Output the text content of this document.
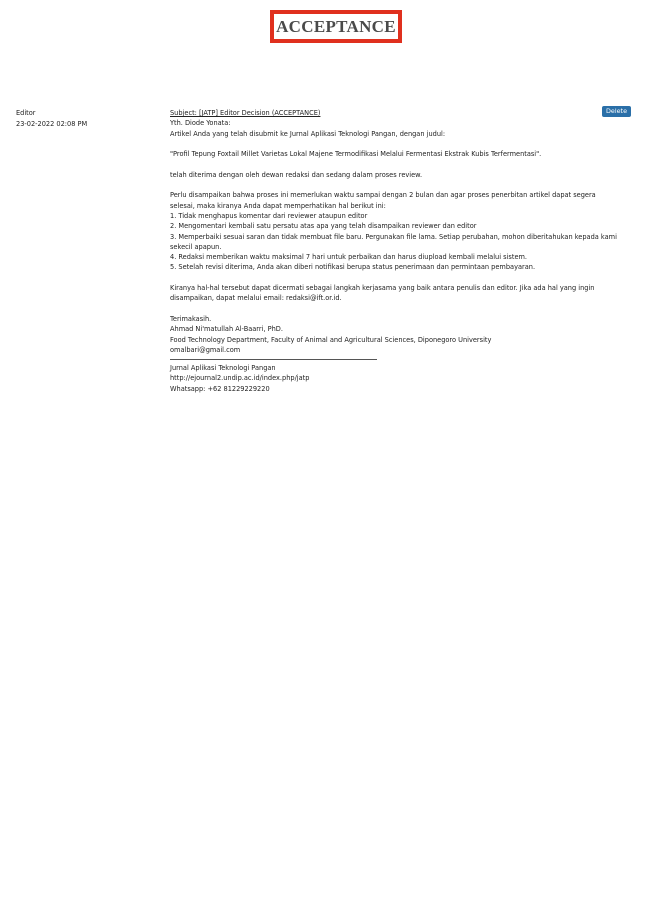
ACCEPTANCE
Editor
23-02-2022 02:08 PM
Delete

Subject: [JATP] Editor Decision (ACCEPTANCE)

Yth. Diode Yonata:

Artikel Anda yang telah disubmit ke Jurnal Aplikasi Teknologi Pangan, dengan judul:

"Profil Tepung Foxtail Millet Varietas Lokal Majene Termodifikasi Melalui Fermentasi Ekstrak Kubis Terfermentasi".

telah diterima dengan oleh dewan redaksi dan sedang dalam proses review.

Perlu disampaikan bahwa proses ini memerlukan waktu sampai dengan 2 bulan dan agar proses penerbitan artikel dapat segera selesai, maka kiranya Anda dapat memperhatikan hal berikut ini:

1. Tidak menghapus komentar dari reviewer ataupun editor

2. Mengomentari kembali satu persatu atas apa yang telah disampaikan reviewer dan editor

3. Memperbaiki sesuai saran dan tidak membuat file baru. Pergunakan file lama. Setiap perubahan, mohon diberitahukan kepada kami sekecil apapun.

4. Redaksi memberikan waktu maksimal 7 hari untuk perbaikan dan harus diupload kembali melalui sistem.

5. Setelah revisi diterima, Anda akan diberi notifikasi berupa status penerimaan dan permintaan pembayaran.

Kiranya hal-hal tersebut dapat dicermati sebagai langkah kerjasama yang baik antara penulis dan editor. Jika ada hal yang ingin disampaikan, dapat melalui email: redaksi@ift.or.id.

Terimakasih.

Ahmad Ni'matullah Al-Baarri, PhD.

Food Technology Department, Faculty of Animal and Agricultural Sciences, Diponegoro University

omalbari@gmail.com

Jurnal Aplikasi Teknologi Pangan

http://ejournal2.undip.ac.id/index.php/jatp

Whatsapp: +62 81229229220
